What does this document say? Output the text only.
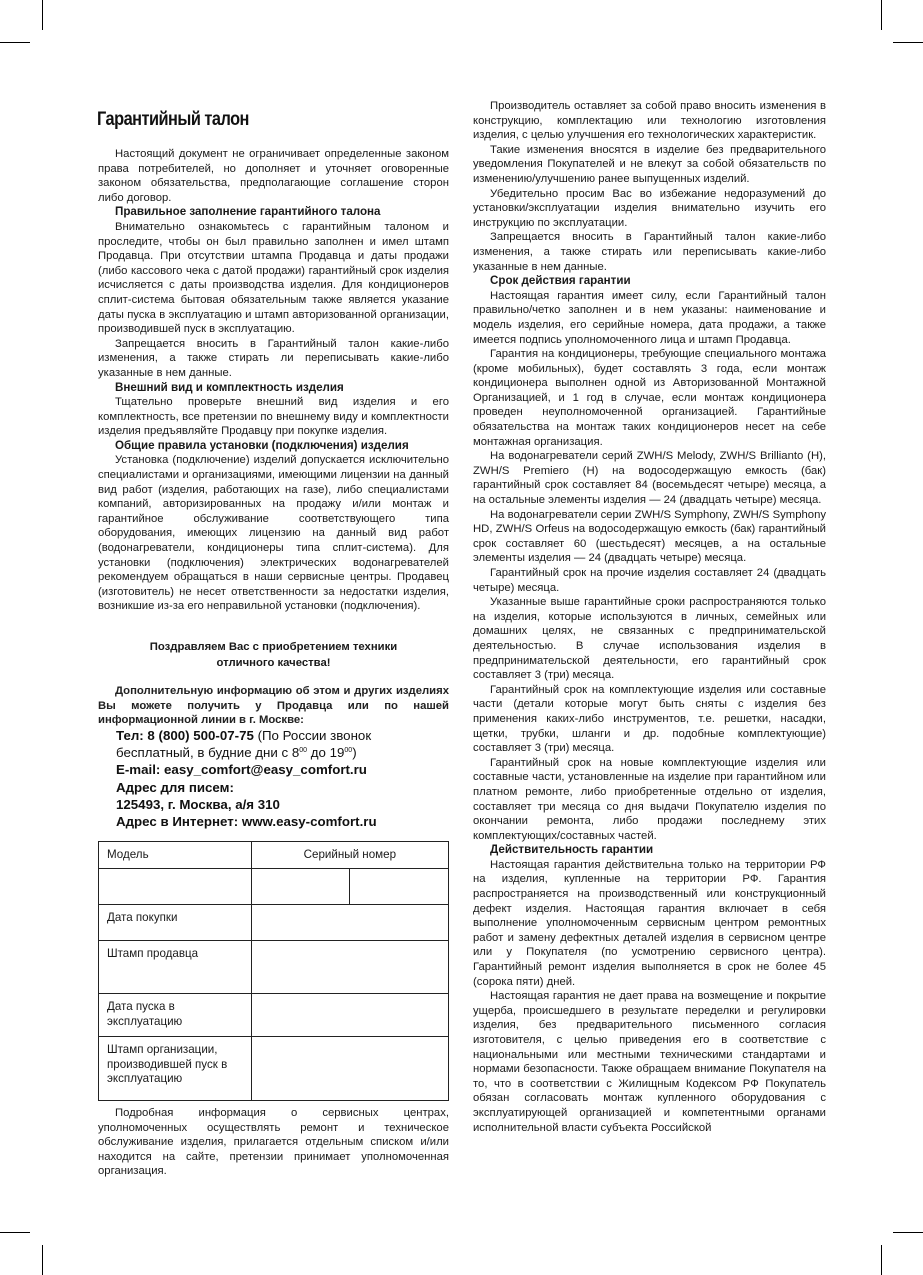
Гарантийный талон

Настоящий документ не ограничивает определенные законом права потребителей, но дополняет и уточняет оговоренные законом обязательства, предполагающие соглашение сторон либо договор.

Правильное заполнение гарантийного талона

Внимательно ознакомьтесь с гарантийным талоном и проследите, чтобы он был правильно заполнен и имел штамп Продавца. При отсутствии штампа Продавца и даты продажи (либо кассового чека с датой продажи) гарантийный срок изделия исчисляется с даты производства изделия. Для кондиционеров сплит-система бытовая обязательным также является указание даты пуска в эксплуатацию и штамп авторизованной организации, производившей пуск в эксплуатацию.

Запрещается вносить в Гарантийный талон какие-либо изменения, а также стирать ли переписывать какие-либо указанные в нем данные.

Внешний вид и комплектность изделия

Тщательно проверьте внешний вид изделия и его комплектность, все претензии по внешнему виду и комплектности изделия предъявляйте Продавцу при покупке изделия.

Общие правила установки (подключения) изделия

Установка (подключение) изделий допускается исключительно специалистами и организациями, имеющими лицензии на данный вид работ (изделия, работающих на газе), либо специалистами компаний, авторизированных на продажу и/или монтаж и гарантийное обслуживание соответствующего типа оборудования, имеющих лицензию на данный вид работ (водонагреватели, кондиционеры типа сплит-система). Для установки (подключения) электрических водонагревателей рекомендуем обращаться в наши сервисные центры. Продавец (изготовитель) не несет ответственности за недостатки изделия, возникшие из-за его неправильной установки (подключения).

Поздравляем Вас с приобретением техники
отличного качества!

Дополнительную информацию об этом и других изделиях Вы можете получить у Продавца или по нашей информационной линии в г. Москве:

Тел: 8 (800) 500-07-75 (По России звонок
бесплатный, в будние дни с $8^{00}$ до $19^{00}$)
E-mail: easy_comfort@easy_comfort.ru
Адрес для писем:
125493, г. Москва, а/я 310
Адрес в Интернет: www.easy-comfort.ru
Модель	Серийный номер	

Дата покупки		
Штамп продавца		
Дата пуска в эксплуатацию		
Штамп организации, производившей пуск в эксплуатацию		

Подробная информация о сервисных центрах, уполномоченных осуществлять ремонт и техническое обслуживание изделия, прилагается отдельным списком и/или находится на сайте, претензии принимает уполномоченная организация.

Производитель оставляет за собой право вносить изменения в конструкцию, комплектацию или технологию изготовления изделия, с целью улучшения его технологических характеристик.

Такие изменения вносятся в изделие без предварительного уведомления Покупателей и не влекут за собой обязательств по изменению/улучшению ранее выпущенных изделий.

Убедительно просим Вас во избежание недоразумений до установки/эксплуатации изделия внимательно изучить его инструкцию по эксплуатации.

Запрещается вносить в Гарантийный талон какие-либо изменения, а также стирать или переписывать какие-либо указанные в нем данные.

Срок действия гарантии

Настоящая гарантия имеет силу, если Гарантийный талон правильно/четко заполнен и в нем указаны: наименование и модель изделия, его серийные номера, дата продажи, а также имеется подпись уполномоченного лица и штамп Продавца.

Гарантия на кондиционеры, требующие специального монтажа (кроме мобильных), будет составлять 3 года, если монтаж кондиционера выполнен одной из Авторизованной Монтажной Организацией, и 1 год в случае, если монтаж кондиционера проведен неуполномоченной организацией. Гарантийные обязательства на монтаж таких кондиционеров несет на себе монтажная организация.

На водонагреватели серий ZWH/S Melody, ZWH/S Brillianto (H), ZWH/S Premiero (H) на водосодержащую емкость (бак) гарантийный срок составляет 84 (восемьдесят четыре) месяца, а на остальные элементы изделия — 24 (двадцать четыре) месяца.

На водонагреватели серии ZWH/S Symphony, ZWH/S Symphony HD, ZWH/S Orfeus на водосодержащую емкость (бак) гарантийный срок составляет 60 (шестьдесят) месяцев, а на остальные элементы изделия — 24 (двадцать четыре) месяца.

Гарантийный срок на прочие изделия составляет 24 (двадцать четыре) месяца.

Указанные выше гарантийные сроки распространяются только на изделия, которые используются в личных, семейных или домашних целях, не связанных с предпринимательской деятельностью. В случае использования изделия в предпринимательской деятельности, его гарантийный срок составляет 3 (три) месяца.

Гарантийный срок на комплектующие изделия или составные части (детали которые могут быть сняты с изделия без применения каких-либо инструментов, т.е. решетки, насадки, щетки, трубки, шланги и др. подобные комплектующие) составляет 3 (три) месяца.

Гарантийный срок на новые комплектующие изделия или составные части, установленные на изделие при гарантийном или платном ремонте, либо приобретенные отдельно от изделия, составляет три месяца со дня выдачи Покупателю изделия по окончании ремонта, либо продажи последнему этих комплектующих/составных частей.

Действительность гарантии

Настоящая гарантия действительна только на территории РФ на изделия, купленные на территории РФ. Гарантия распространяется на производственный или конструкционный дефект изделия. Настоящая гарантия включает в себя выполнение уполномоченным сервисным центром ремонтных работ и замену дефектных деталей изделия в сервисном центре или у Покупателя (по усмотрению сервисного центра). Гарантийный ремонт изделия выполняется в срок не более 45 (сорока пяти) дней.

Настоящая гарантия не дает права на возмещение и покрытие ущерба, происшедшего в результате переделки и регулировки изделия, без предварительного письменного согласия изготовителя, с целью приведения его в соответствие с национальными или местными техническими стандартами и нормами безопасности. Также обращаем внимание Покупателя на то, что в соответствии с Жилищным Кодексом РФ Покупатель обязан согласовать монтаж купленного оборудования с эксплуатирующей организацией и компетентными органами исполнительной власти субъекта Российской
